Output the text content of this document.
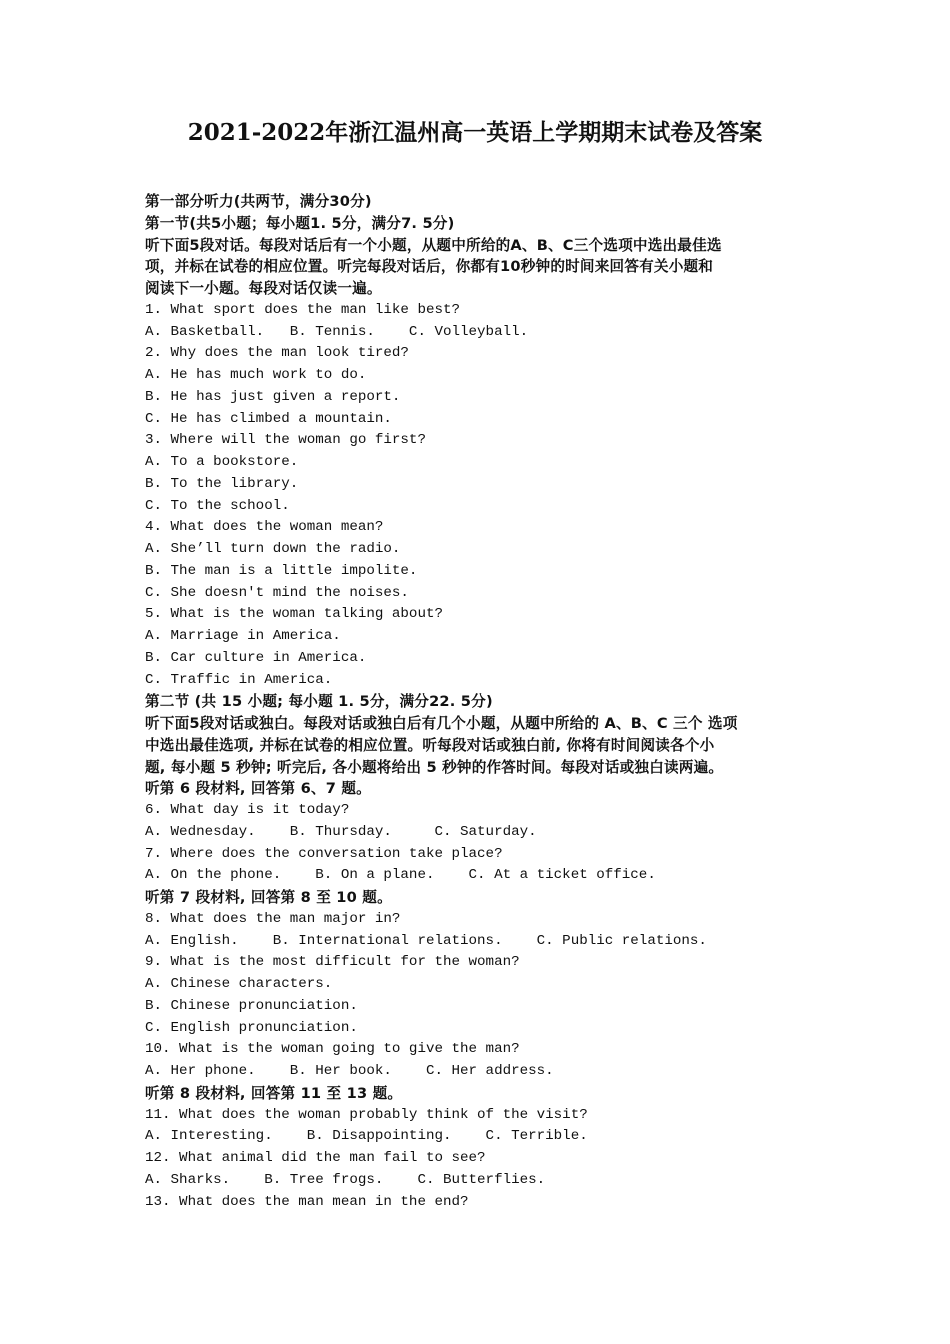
2021-2022年浙江温州高一英语上学期期末试卷及答案
第一部分听力(共两节，满分30分)
第一节(共5小题；每小题1. 5分，满分7. 5分)
听下面5段对话。每段对话后有一个小题，从题中所给的A、B、C三个选项中选出最佳选
项，并标在试卷的相应位置。听完每段对话后，你都有10秒钟的时间来回答有关小题和
阅读下一小题。每段对话仅读一遍。
1. What sport does the man like best?
A. Basketball.   B. Tennis.    C. Volleyball.
2. Why does the man look tired?
A. He has much work to do.
B. He has just given a report.
C. He has climbed a mountain.
3. Where will the woman go first?
A. To a bookstore.
B. To the library.
C. To the school.
4. What does the woman mean?
A. She’ll turn down the radio.
B. The man is a little impolite.
C. She doesn't mind the noises.
5. What is the woman talking about?
A. Marriage in America.
B. Car culture in America.
C. Traffic in America.
第二节 (共 15 小题; 每小题 1. 5分，满分22. 5分)
听下面5段对话或独白。每段对话或独白后有几个小题，从题中所给的 A、B、C 三个 选项
中选出最佳选项, 并标在试卷的相应位置。听每段对话或独白前, 你将有时间阅读各个小
题, 每小题 5 秒钟; 听完后, 各小题将给出 5 秒钟的作答时间。每段对话或独白读两遍。
听第 6 段材料, 回答第 6、7 题。
6. What day is it today?
A. Wednesday.    B. Thursday.     C. Saturday.
7. Where does the conversation take place?
A. On the phone.    B. On a plane.    C. At a ticket office.
听第 7 段材料, 回答第 8 至 10 题。
8. What does the man major in?
A. English.    B. International relations.    C. Public relations.
9. What is the most difficult for the woman?
A. Chinese characters.
B. Chinese pronunciation.
C. English pronunciation.
10. What is the woman going to give the man?
A. Her phone.    B. Her book.    C. Her address.
听第 8 段材料, 回答第 11 至 13 题。
11. What does the woman probably think of the visit?
A. Interesting.    B. Disappointing.    C. Terrible.
12. What animal did the man fail to see?
A. Sharks.    B. Tree frogs.    C. Butterflies.
13. What does the man mean in the end?
